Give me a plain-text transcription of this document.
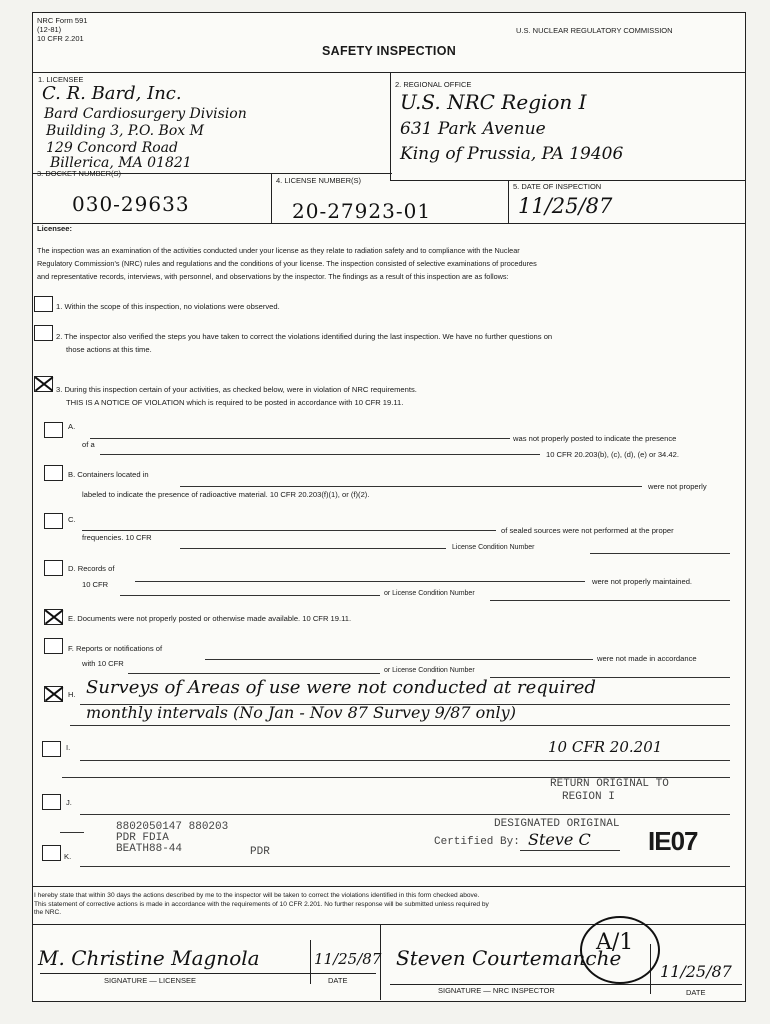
NRC Form 591
(12-81)
10 CFR 2.201
U.S. NUCLEAR REGULATORY COMMISSION
SAFETY INSPECTION
1. LICENSEE
C. R. Bard, Inc.
Bard Cardiosurgery Division
Building 3, P.O. Box M
129 Concord Road
Billerica, MA 01821
2. REGIONAL OFFICE
U.S. NRC Region I
631 Park Avenue
King of Prussia, PA 19406
3. DOCKET NUMBER(S)
030-29633
4. LICENSE NUMBER(S)
20-27923-01
5. DATE OF INSPECTION
11/25/87
Licensee:
The inspection was an examination of the activities conducted under your license as they relate to radiation safety and to compliance with the Nuclear
Regulatory Commission's (NRC) rules and regulations and the conditions of your license. The inspection consisted of selective examinations of procedures
and representative records, interviews, with personnel, and observations by the inspector. The findings as a result of this inspection are as follows:
1. Within the scope of this inspection, no violations were observed.
2. The inspector also verified the steps you have taken to correct the violations identified during the last inspection. We have no further questions on
those actions at this time.
3. During this inspection certain of your activities, as checked below, were in violation of NRC requirements.
THIS IS A NOTICE OF VIOLATION which is required to be posted in accordance with 10 CFR 19.11.
A.
was not properly posted to indicate the presence
of a
10 CFR 20.203(b), (c), (d), (e) or 34.42.
B. Containers located in
were not properly
labeled to indicate the presence of radioactive material. 10 CFR 20.203(f)(1), or (f)(2).
C.
of sealed sources were not performed at the proper
frequencies. 10 CFR
License Condition Number
D. Records of
were not properly maintained.
10 CFR
or License Condition Number
E. Documents were not properly posted or otherwise made available. 10 CFR 19.11.
F. Reports or notifications of
were not made in accordance
with 10 CFR
or License Condition Number
H. Surveys of Areas of use were not conducted at required
monthly intervals (No Jan - Nov 87 Survey 9/87 only)
10 CFR 20.201
I.
RETURN ORIGINAL TO
REGION I
J.
DESIGNATED ORIGINAL
Certified By: Steve C IE07
8802050147 880203
PDR FDIA
BEATH88-44	PDR
K.
I hereby state that within 30 days the actions described by me to the inspector will be taken to correct the violations identified in this form checked above.
This statement of corrective actions is made in accordance with the requirements of 10 CFR 2.201. No further response will be submitted unless required by
the NRC.
M. Christine Magnola	11/25/87
SIGNATURE — LICENSEE	DATE
Steven Courtemanche
SIGNATURE — NRC INSPECTOR
11/25/87
DATE
A/1
